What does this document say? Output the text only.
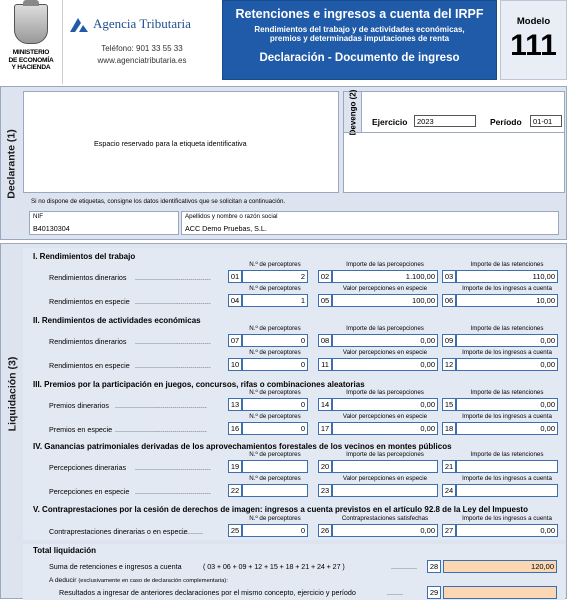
MINISTERIO
DE ECONOMÍA
Y HACIENDA
Agencia Tributaria
Teléfono: 901 33 55 33
www.agenciatributaria.es
Retenciones e ingresos a cuenta del IRPF
Rendimientos del trabajo y de actividades económicas,
premios y determinadas imputaciones de renta
Declaración - Documento de ingreso
Modelo
111
Declarante (1)	Espacio reservado para la etiqueta identificativa
Devengo (2) Ejercicio	2023	Período	01-01
Si no dispone de etiquetas, consigne los datos identificativos que se solicitan a continuación.
NIF
B40130304
Apellidos y nombre o razón social
ACC Demo Pruebas, S.L.
Liquidación (3)
I. Rendimientos del trabajo
II. Rendimientos de actividades económicas
III. Premios por la participación en juegos, concursos, rifas o combinaciones aleatorias
IV. Ganancias patrimoniales derivadas de los aprovechamientos forestales de los vecinos en montes públicos
V. Contraprestaciones por la cesión de derechos de imagen: ingresos a cuenta previstos en el artículo 92.8 de la Ley del Impuesto
Rendimientos dinerarios ......................................
N.º de perceptores
01	2
Importe de las percepciones
02	1.100,00
Importe de las retenciones
03	110,00
Rendimientos en especie ......................................
N.º de perceptores
04	1
Valor percepciones en especie
05	100,00
Importe de los ingresos a cuenta
06	10,00
Rendimientos dinerarios ......................................
N.º de perceptores
07	0
Importe de las percepciones
08	0,00
Importe de las retenciones
09	0,00
Rendimientos en especie ......................................
N.º de perceptores
10	0
Valor percepciones en especie
11	0,00
Importe de los ingresos a cuenta
12	0,00
Premios dinerarios ..............................................
N.º de perceptores
13	0
Importe de las percepciones
14	0,00
Importe de las retenciones
15	0,00
Premios en especie ..............................................
N.º de perceptores
16	0
Valor percepciones en especie
17	0,00
Importe de los ingresos a cuenta
18	0,00
Percepciones dinerarias ......................................
N.º de perceptores
19
Importe de las percepciones
20
Importe de las retenciones
21
Percepciones en especie ......................................
N.º de perceptores
22
Valor percepciones en especie
23
Importe de los ingresos a cuenta
24
Contraprestaciones dinerarias o en especie
..........
N.º de perceptores
25	0
Contraprestaciones satisfechas
26	0,00
Importe de los ingresos a cuenta
27	0,00
Total liquidación
Suma de retenciones e ingresos a cuenta	( 03 + 06 + 09 + 12 + 15 + 18 + 21 + 24 + 27 )	.............	28	120,00
A deducir (exclusivamente en caso de declaración complementaria):
Resultados a ingresar de anteriores declaraciones por el mismo concepto, ejercicio y período	........	29
